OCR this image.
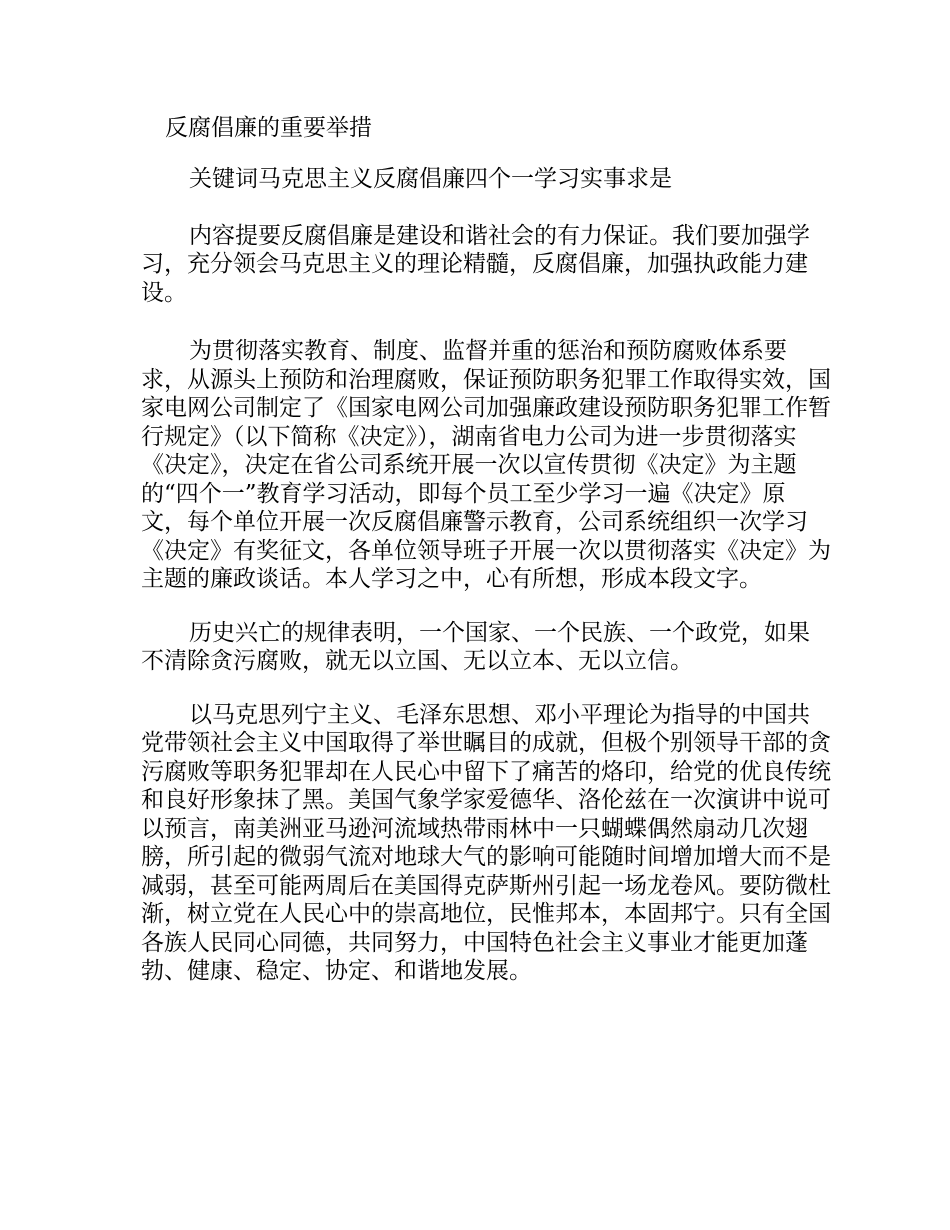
反腐倡廉的重要举措

关键词马克思主义反腐倡廉四个一学习实事求是

内容提要反腐倡廉是建设和谐社会的有力保证。我们要加强学习，充分领会马克思主义的理论精髓，反腐倡廉，加强执政能力建设。

为贯彻落实教育、制度、监督并重的惩治和预防腐败体系要求，从源头上预防和治理腐败，保证预防职务犯罪工作取得实效，国家电网公司制定了《国家电网公司加强廉政建设预防职务犯罪工作暂行规定》（以下简称《决定》），湖南省电力公司为进一步贯彻落实《决定》，决定在省公司系统开展一次以宣传贯彻《决定》为主题的“四个一”教育学习活动，即每个员工至少学习一遍《决定》原文，每个单位开展一次反腐倡廉警示教育，公司系统组织一次学习《决定》有奖征文，各单位领导班子开展一次以贯彻落实《决定》为主题的廉政谈话。本人学习之中，心有所想，形成本段文字。

历史兴亡的规律表明，一个国家、一个民族、一个政党，如果不清除贪污腐败，就无以立国、无以立本、无以立信。

以马克思列宁主义、毛泽东思想、邓小平理论为指导的中国共党带领社会主义中国取得了举世瞩目的成就，但极个别领导干部的贪污腐败等职务犯罪却在人民心中留下了痛苦的烙印，给党的优良传统和良好形象抹了黑。美国气象学家爱德华、洛伦兹在一次演讲中说可以预言，南美洲亚马逊河流域热带雨林中一只蝴蝶偶然扇动几次翅膀，所引起的微弱气流对地球大气的影响可能随时间增加增大而不是减弱，甚至可能两周后在美国得克萨斯州引起一场龙卷风。要防微杜渐，树立党在人民心中的崇高地位，民惟邦本，本固邦宁。只有全国各族人民同心同德，共同努力，中国特色社会主义事业才能更加蓬勃、健康、稳定、协定、和谐地发展。
